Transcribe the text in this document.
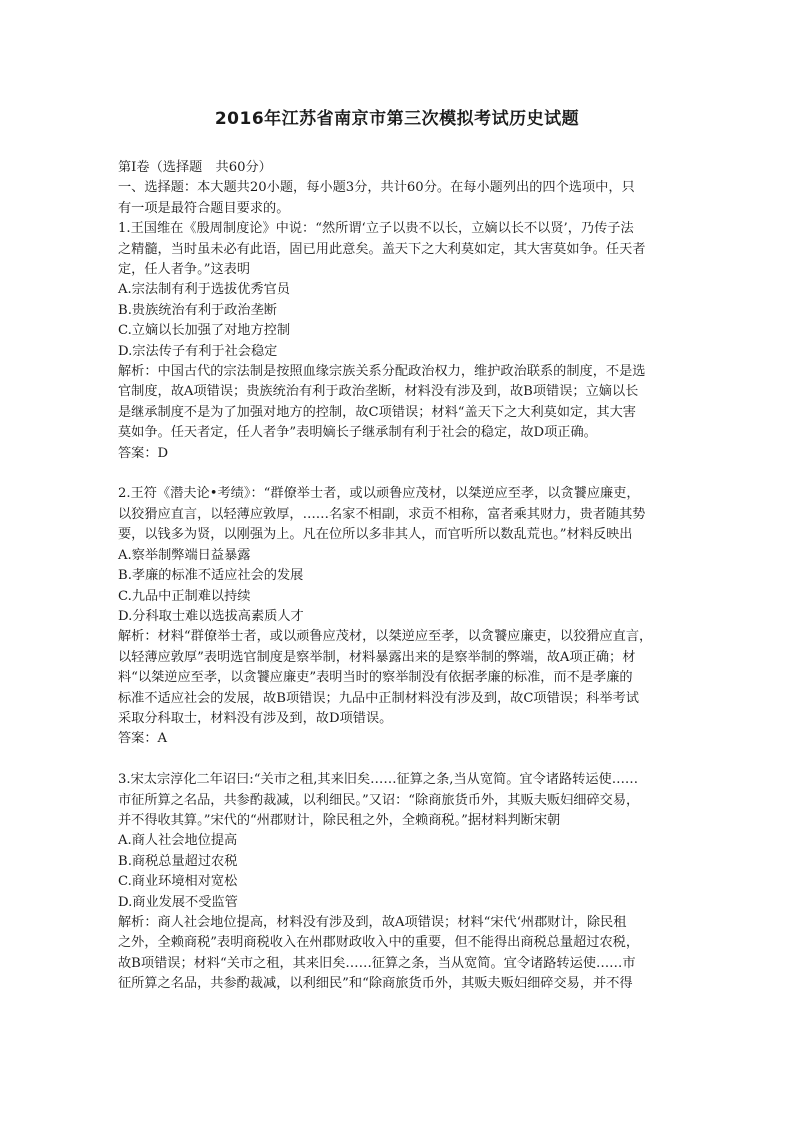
2016年江苏省南京市第三次模拟考试历史试题

第Ⅰ卷（选择题　共60分）

一、选择题：本大题共20小题，每小题3分，共计60分。在每小题列出的四个选项中，只

有一项是最符合题目要求的。

1.王国维在《殷周制度论》中说：“然所谓‘立子以贵不以长，立嫡以长不以贤’，乃传子法

之精髓，当时虽未必有此语，固已用此意矣。盖天下之大利莫如定，其大害莫如争。任天者

定，任人者争。”这表明

A.宗法制有利于选拔优秀官员

B.贵族统治有利于政治垄断

C.立嫡以长加强了对地方控制

D.宗法传子有利于社会稳定

解析：中国古代的宗法制是按照血缘宗族关系分配政治权力，维护政治联系的制度，不是选

官制度，故A项错误；贵族统治有利于政治垄断，材料没有涉及到，故B项错误；立嫡以长

是继承制度不是为了加强对地方的控制，故C项错误；材料“盖天下之大利莫如定，其大害

莫如争。任天者定，任人者争”表明嫡长子继承制有利于社会的稳定，故D项正确。

答案：D

2.王符《潜夫论•考绩》：“群僚举士者，或以顽鲁应茂材，以桀逆应至孝，以贪饕应廉吏，

以狡猾应直言，以轻薄应敦厚，……名家不相副，求贡不相称，富者乘其财力，贵者随其势

要，以钱多为贤，以刚强为上。凡在位所以多非其人，而官听所以数乱荒也。”材料反映出

A.察举制弊端日益暴露

B.孝廉的标准不适应社会的发展

C.九品中正制难以持续

D.分科取士难以选拔高素质人才

解析：材料“群僚举士者，或以顽鲁应茂材，以桀逆应至孝，以贪饕应廉吏，以狡猾应直言，

以轻薄应敦厚”表明选官制度是察举制，材料暴露出来的是察举制的弊端，故A项正确；材

料“以桀逆应至孝，以贪饕应廉吏”表明当时的察举制没有依据孝廉的标准，而不是孝廉的

标准不适应社会的发展，故B项错误；九品中正制材料没有涉及到，故C项错误；科举考试

采取分科取士，材料没有涉及到，故D项错误。

答案：A

3.宋太宗淳化二年诏曰:“关市之租,其来旧矣……征算之条,当从宽简。宜令诸路转运使……

市征所算之名品，共参酌裁减，以利细民。”又诏：“除商旅货币外，其贩夫贩妇细碎交易，

并不得收其算。”宋代的“州郡财计，除民租之外，全赖商税。”据材料判断宋朝

A.商人社会地位提高

B.商税总量超过农税

C.商业环境相对宽松

D.商业发展不受监管

解析：商人社会地位提高，材料没有涉及到，故A项错误；材料“宋代‘州郡财计，除民租

之外，全赖商税”表明商税收入在州郡财政收入中的重要，但不能得出商税总量超过农税，

故B项错误；材料“关市之租，其来旧矣……征算之条，当从宽简。宜令诸路转运使……市

征所算之名品，共参酌裁减，以利细民”和“除商旅货币外，其贩夫贩妇细碎交易，并不得
